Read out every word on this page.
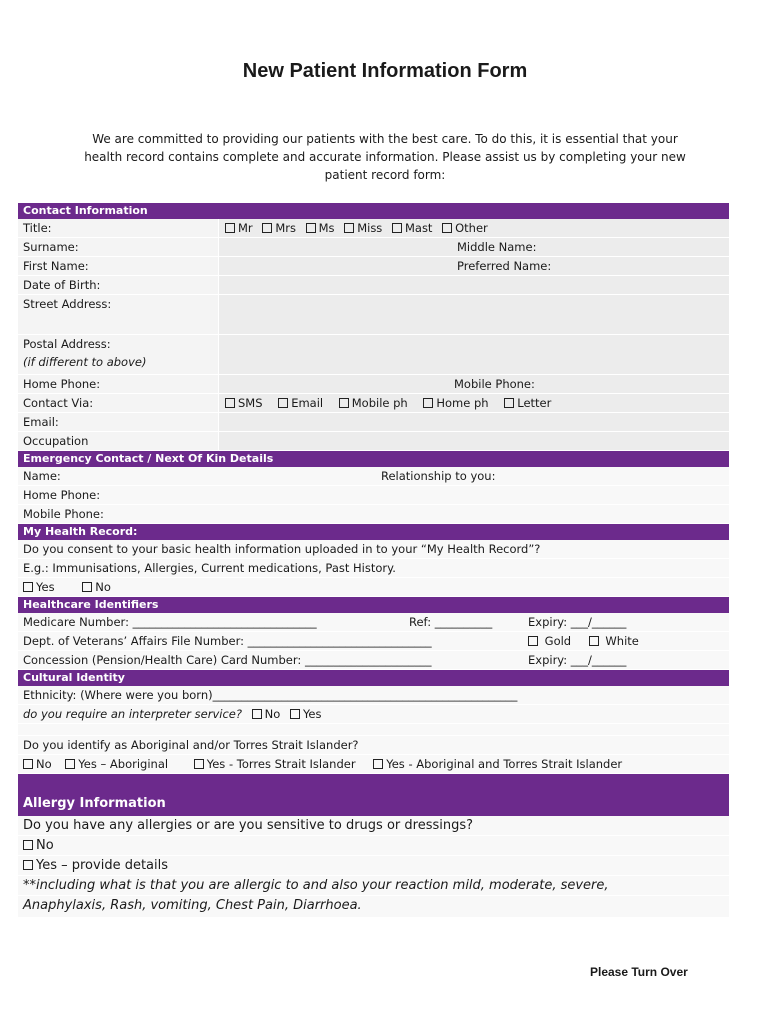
New Patient Information Form
We are committed to providing our patients with the best care. To do this, it is essential that your health record contains complete and accurate information. Please assist us by completing your new patient record form:
Contact Information
Title:	Mr Mrs Ms Miss Mast Other
Surname:	Middle Name:
First Name:	Preferred Name:
Date of Birth:
Street Address:
Postal Address:
(if different to above)
Home Phone:	Mobile Phone:
Contact Via:	SMS Email Mobile ph Home ph Letter
Email:
Occupation
Emergency Contact / Next Of Kin Details
Name:	Relationship to you:
Home Phone:
Mobile Phone:
My Health Record:
Do you consent to your basic health information uploaded in to your “My Health Record”?
E.g.: Immunisations, Allergies, Current medications, Past History.
Yes	No
Healthcare Identifiers
Medicare Number: ________________________________	Ref: __________	Expiry: ___/______
Dept. of Veterans’ Affairs File Number: ________________________________	Gold	White
Concession (Pension/Health Care) Card Number: ______________________	Expiry: ___/______
Cultural Identity
Ethnicity: (Where were you born)_____________________________________________________
do you require an interpreter service? No Yes
Do you identify as Aboriginal and/or Torres Strait Islander?
No Yes – Aboriginal	Yes - Torres Strait Islander	Yes - Aboriginal and Torres Strait Islander
Allergy Information
Do you have any allergies or are you sensitive to drugs or dressings?
No
Yes – provide details
**including what is that you are allergic to and also your reaction mild, moderate, severe,
Anaphylaxis, Rash, vomiting, Chest Pain, Diarrhoea.
Please Turn Over
